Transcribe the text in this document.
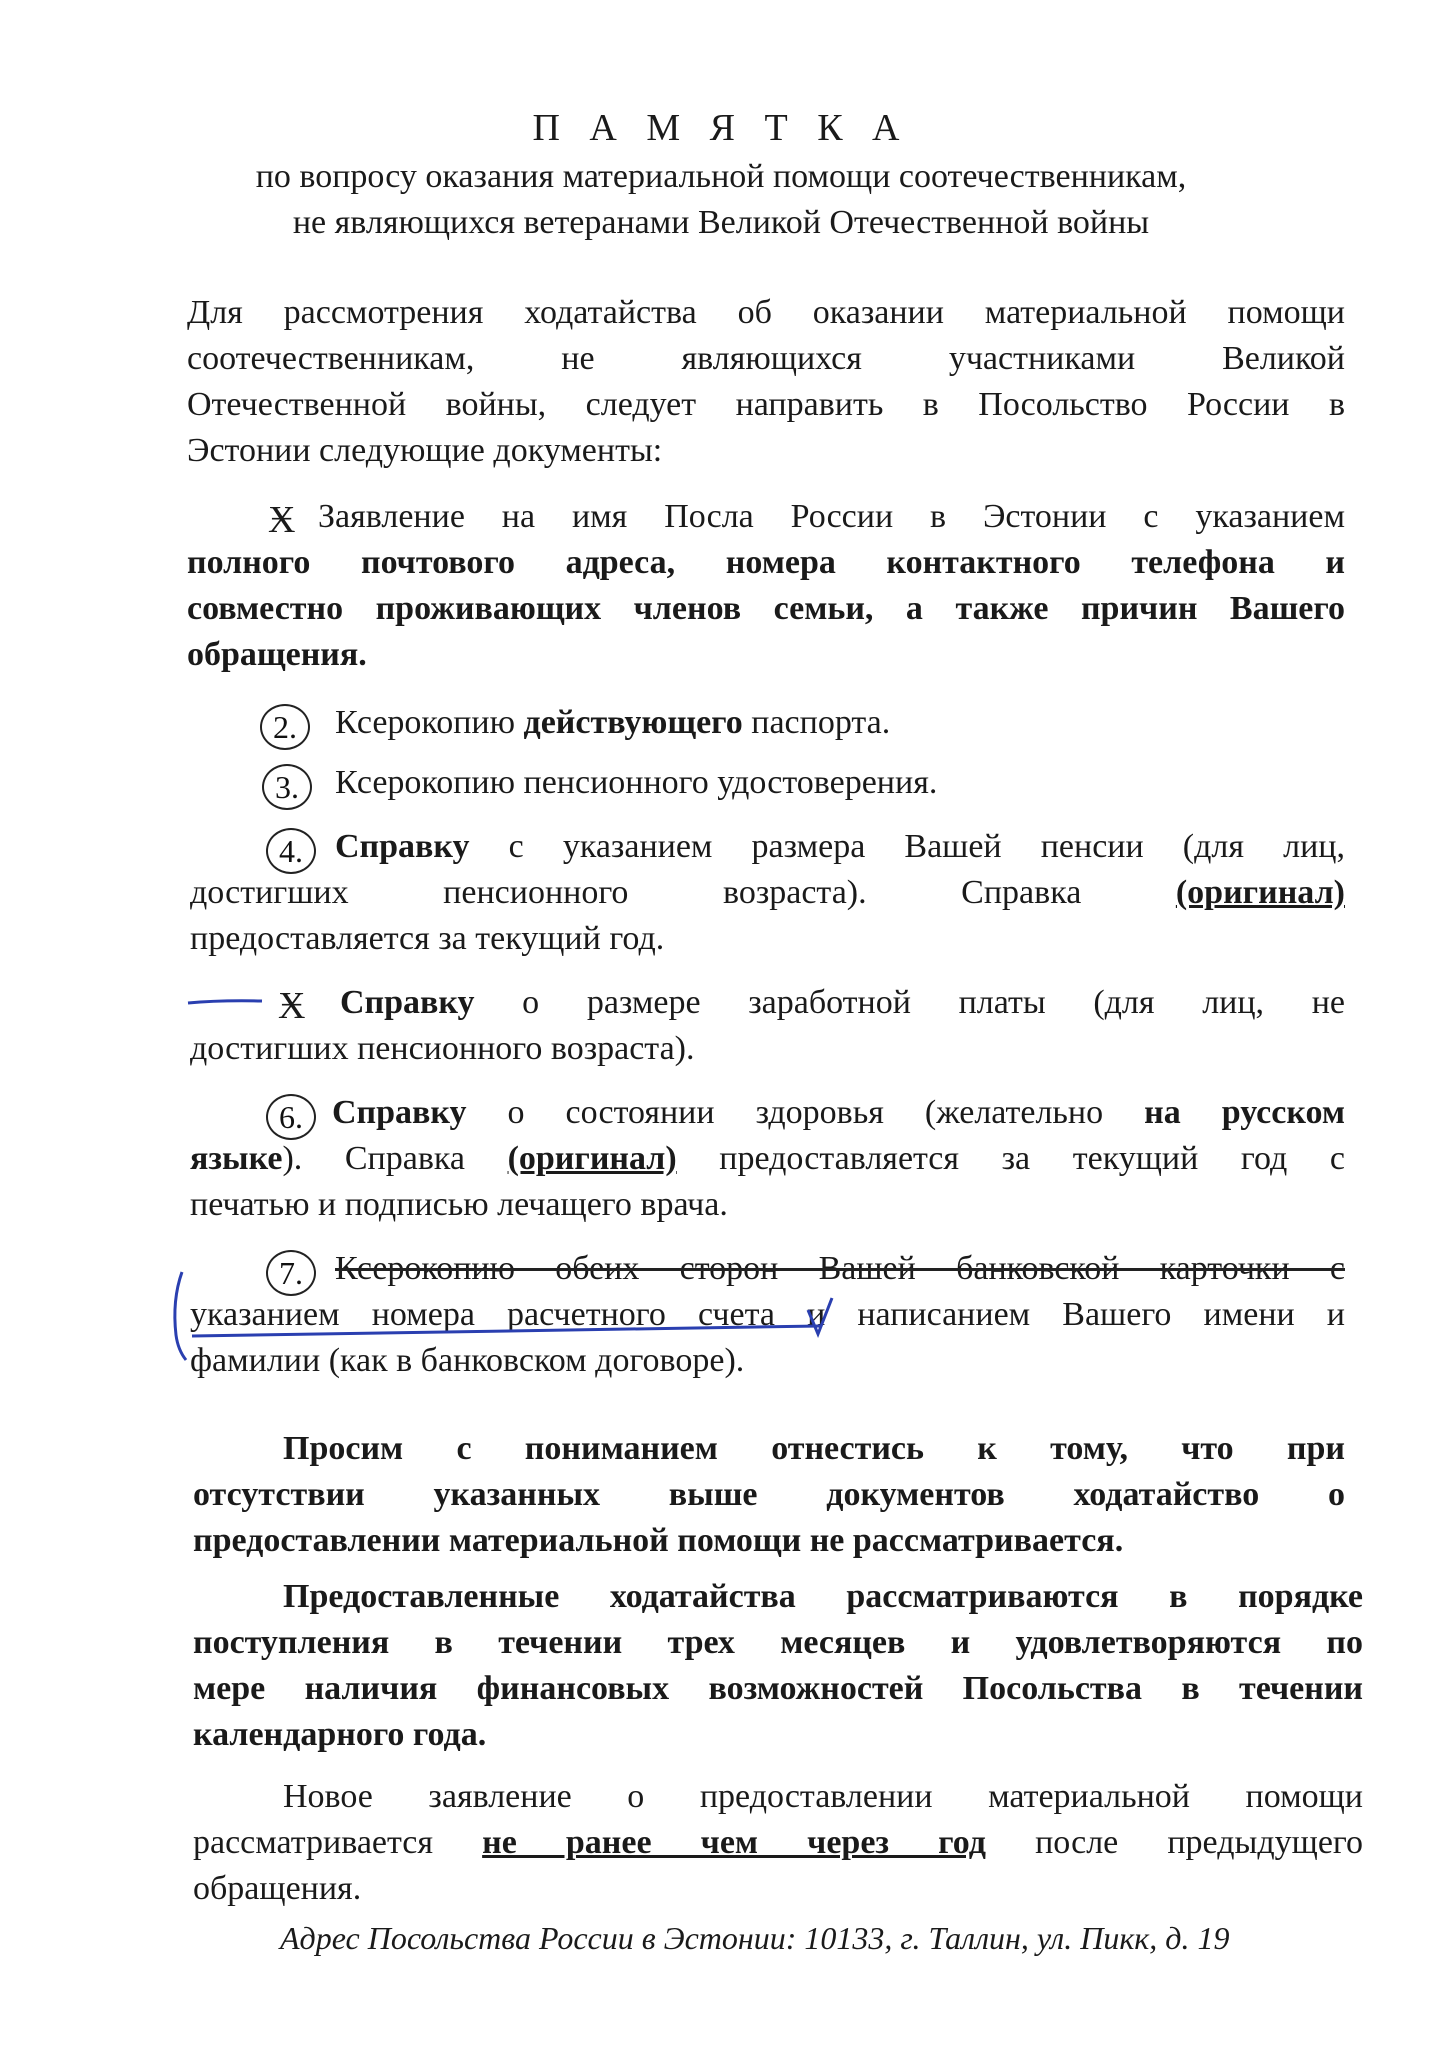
П А М Я Т К А
по вопросу оказания материальной помощи соотечественникам,
не являющихся ветеранами Великой Отечественной войны
Для рассмотрения ходатайства об оказании материальной помощи
соотечественникам, не являющихся участниками Великой
Отечественной войны, следует направить в Посольство России в
Эстонии следующие документы:
Ӿ Заявление на имя Посла России в Эстонии с указанием
полного почтового адреса, номера контактного телефона и
совместно проживающих членов семьи, а также причин Вашего
обращения.
2.	Ксерокопию действующего паспорта.
3.	Ксерокопию пенсионного удостоверения.
4. Справку с указанием размера Вашей пенсии (для лиц,
достигших пенсионного возраста). Справка (оригинал)
предоставляется за текущий год.
Ӿ Справку о размере заработной платы (для лиц, не
достигших пенсионного возраста).
6. Справку о состоянии здоровья (желательно на русском
языке). Справка (оригинал) предоставляется за текущий год с
печатью и подписью лечащего врача.
7. Ксерокопию обеих сторон Вашей банковской карточки с
указанием номера расчетного счета и написанием Вашего имени и
фамилии (как в банковском договоре).
Просим с пониманием отнестись к тому, что при
отсутствии указанных выше документов ходатайство о
предоставлении материальной помощи не рассматривается.
Предоставленные ходатайства рассматриваются в порядке
поступления в течении трех месяцев и удовлетворяются по
мере наличия финансовых возможностей Посольства в течении
календарного года.
Новое заявление о предоставлении материальной помощи
рассматривается не ранее чем через год после предыдущего
обращения.
Адрес Посольства России в Эстонии: 10133, г. Таллин, ул. Пикк, д. 19
